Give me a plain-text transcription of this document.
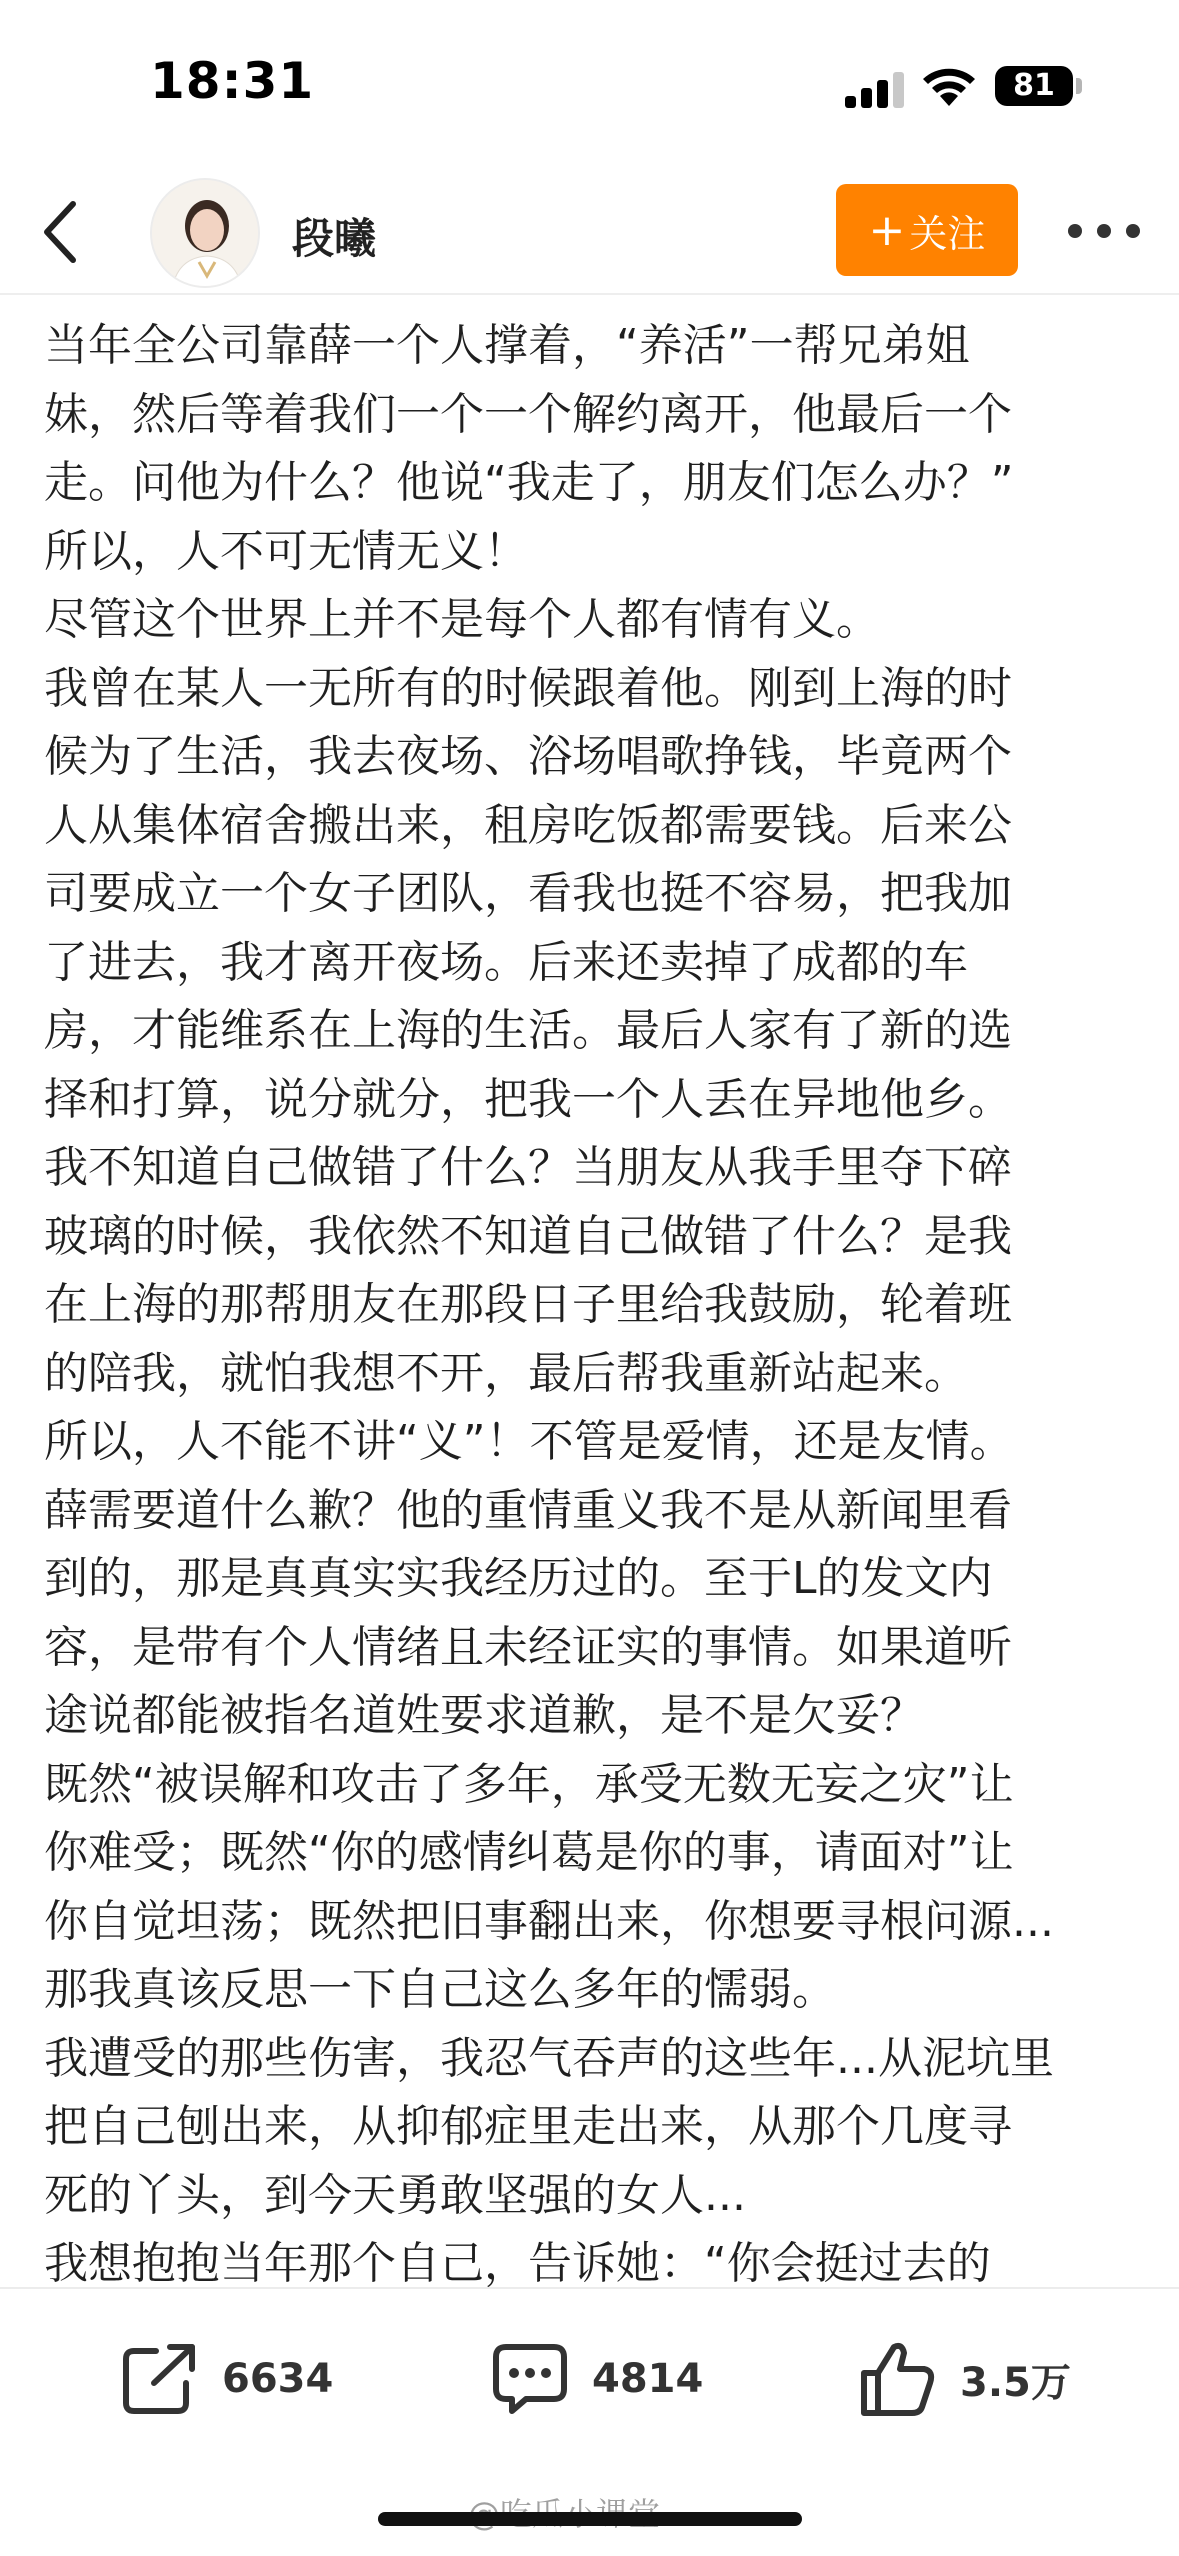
18:31	81
段曦	+ 关注

当年全公司靠薛一个人撑着，“养活”一帮兄弟姐

妹，然后等着我们一个一个解约离开，他最后一个

走。问他为什么？他说“我走了，朋友们怎么办？”

所以，人不可无情无义！

尽管这个世界上并不是每个人都有情有义。

我曾在某人一无所有的时候跟着他。刚到上海的时

候为了生活，我去夜场、浴场唱歌挣钱，毕竟两个

人从集体宿舍搬出来，租房吃饭都需要钱。后来公

司要成立一个女子团队，看我也挺不容易，把我加

了进去，我才离开夜场。后来还卖掉了成都的车

房，才能维系在上海的生活。最后人家有了新的选

择和打算，说分就分，把我一个人丢在异地他乡。

我不知道自己做错了什么？当朋友从我手里夺下碎

玻璃的时候，我依然不知道自己做错了什么？是我

在上海的那帮朋友在那段日子里给我鼓励，轮着班

的陪我，就怕我想不开，最后帮我重新站起来。

所以，人不能不讲“义”！不管是爱情，还是友情。

薛需要道什么歉？他的重情重义我不是从新闻里看

到的，那是真真实实我经历过的。至于L的发文内

容，是带有个人情绪且未经证实的事情。如果道听

途说都能被指名道姓要求道歉，是不是欠妥？

既然“被误解和攻击了多年，承受无数无妄之灾”让

你难受；既然“你的感情纠葛是你的事，请面对”让

你自觉坦荡；既然把旧事翻出来，你想要寻根问源...

那我真该反思一下自己这么多年的懦弱。

我遭受的那些伤害，我忍气吞声的这些年...从泥坑里

把自己刨出来，从抑郁症里走出来，从那个几度寻

死的丫头，到今天勇敢坚强的女人...

我想抱抱当年那个自己，告诉她：“你会挺过去的

6634	4814	3.5万
